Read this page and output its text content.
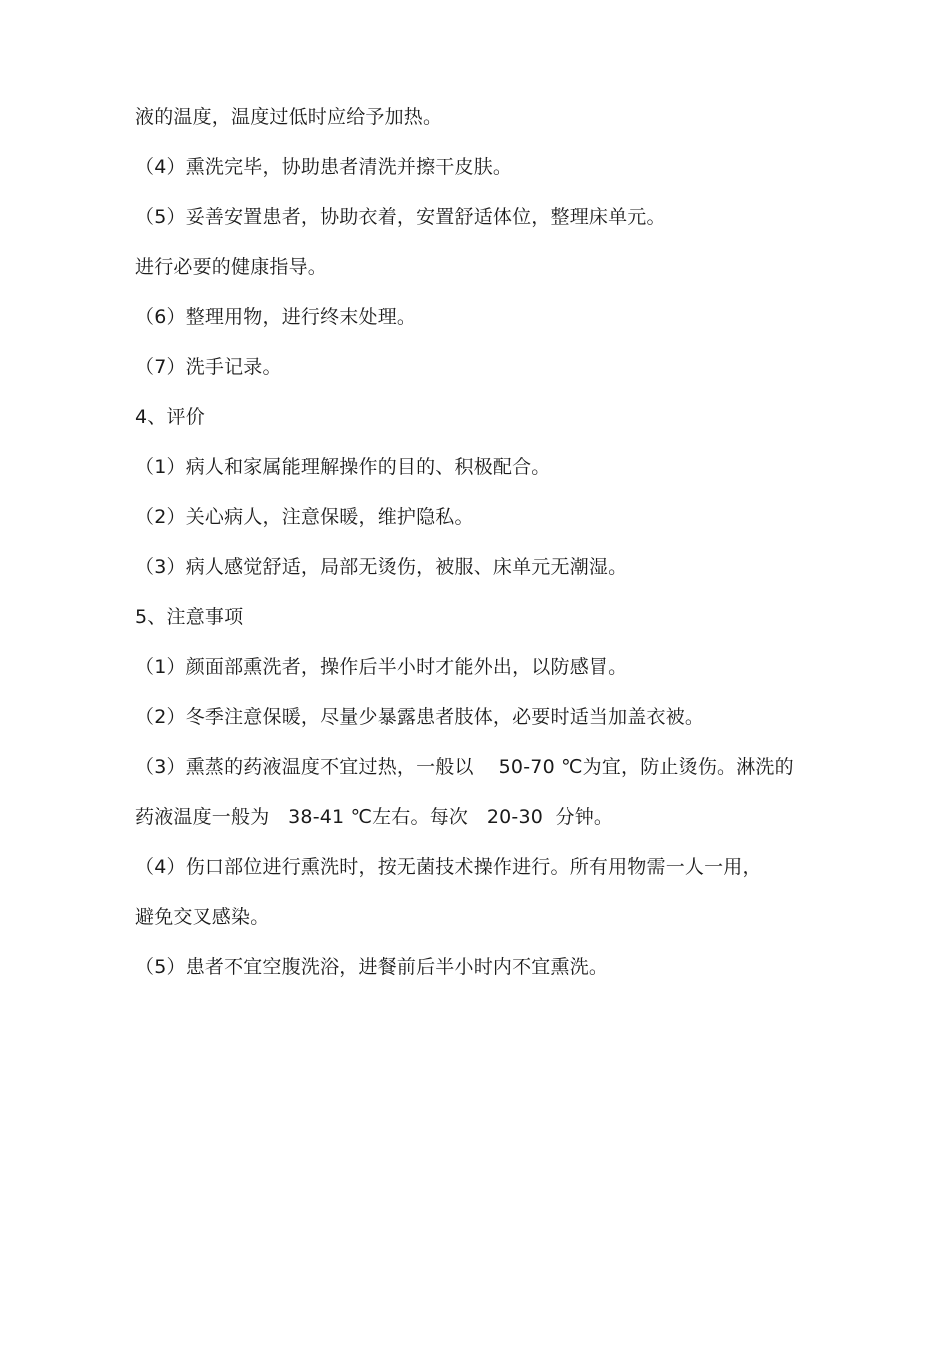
液的温度，温度过低时应给予加热。
（4）熏洗完毕，协助患者清洗并擦干皮肤。
（5）妥善安置患者，协助衣着，安置舒适体位，整理床单元。
进行必要的健康指导。
（6）整理用物，进行终末处理。
（7）洗手记录。
4、评价
（1）病人和家属能理解操作的目的、积极配合。
（2）关心病人，注意保暖，维护隐私。
（3）病人感觉舒适，局部无烫伤，被服、床单元无潮湿。
5、注意事项
（1）颜面部熏洗者，操作后半小时才能外出，以防感冒。
（2）冬季注意保暖，尽量少暴露患者肢体，必要时适当加盖衣被。
（3）熏蒸的药液温度不宜过热，一般以    50-70 ℃为宜，防止烫伤。淋洗的
药液温度一般为   38-41 ℃左右。每次   20-30  分钟。
（4）伤口部位进行熏洗时，按无菌技术操作进行。所有用物需一人一用，
避免交叉感染。
（5）患者不宜空腹洗浴，进餐前后半小时内不宜熏洗。
